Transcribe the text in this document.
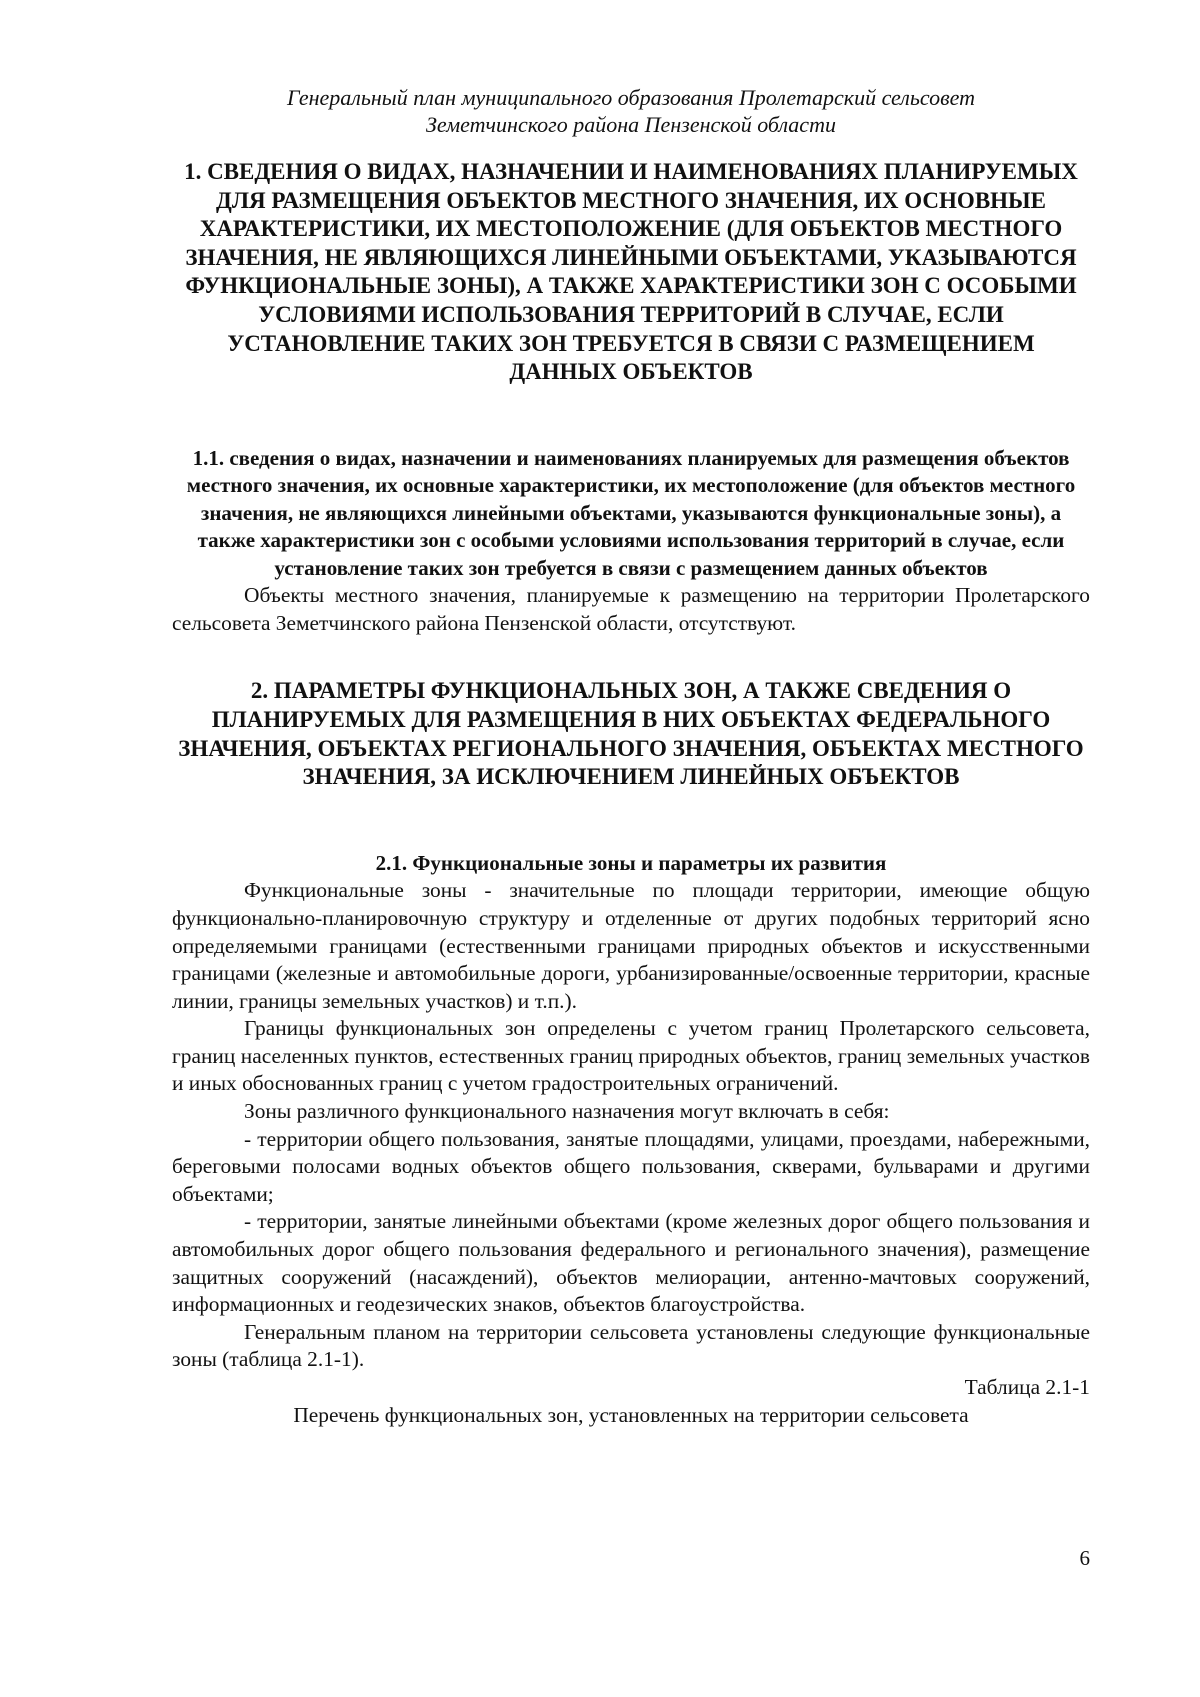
Генеральный план муниципального образования Пролетарский сельсовет
Земетчинского района Пензенской области
1. СВЕДЕНИЯ О ВИДАХ, НАЗНАЧЕНИИ И НАИМЕНОВАНИЯХ ПЛАНИРУЕМЫХ ДЛЯ РАЗМЕЩЕНИЯ ОБЪЕКТОВ МЕСТНОГО ЗНАЧЕНИЯ, ИХ ОСНОВНЫЕ ХАРАКТЕРИСТИКИ, ИХ МЕСТОПОЛОЖЕНИЕ (ДЛЯ ОБЪЕКТОВ МЕСТНОГО ЗНАЧЕНИЯ, НЕ ЯВЛЯЮЩИХСЯ ЛИНЕЙНЫМИ ОБЪЕКТАМИ, УКАЗЫВАЮТСЯ ФУНКЦИОНАЛЬНЫЕ ЗОНЫ), А ТАКЖЕ ХАРАКТЕРИСТИКИ ЗОН С ОСОБЫМИ УСЛОВИЯМИ ИСПОЛЬЗОВАНИЯ ТЕРРИТОРИЙ В СЛУЧАЕ, ЕСЛИ УСТАНОВЛЕНИЕ ТАКИХ ЗОН ТРЕБУЕТСЯ В СВЯЗИ С РАЗМЕЩЕНИЕМ ДАННЫХ ОБЪЕКТОВ
1.1. сведения о видах, назначении и наименованиях планируемых для размещения объектов местного значения, их основные характеристики, их местоположение (для объектов местного значения, не являющихся линейными объектами, указываются функциональные зоны), а также характеристики зон с особыми условиями использования территорий в случае, если установление таких зон требуется в связи с размещением данных объектов

Объекты местного значения, планируемые к размещению на территории Пролетарского сельсовета Земетчинского района Пензенской области, отсутствуют.

2. ПАРАМЕТРЫ ФУНКЦИОНАЛЬНЫХ ЗОН, А ТАКЖЕ СВЕДЕНИЯ О ПЛАНИРУЕМЫХ ДЛЯ РАЗМЕЩЕНИЯ В НИХ ОБЪЕКТАХ ФЕДЕРАЛЬНОГО ЗНАЧЕНИЯ, ОБЪЕКТАХ РЕГИОНАЛЬНОГО ЗНАЧЕНИЯ, ОБЪЕКТАХ МЕСТНОГО ЗНАЧЕНИЯ, ЗА ИСКЛЮЧЕНИЕМ ЛИНЕЙНЫХ ОБЪЕКТОВ
2.1. Функциональные зоны и параметры их развития

Функциональные зоны - значительные по площади территории, имеющие общую функционально-планировочную структуру и отделенные от других подобных территорий ясно определяемыми границами (естественными границами природных объектов и искусственными границами (железные и автомобильные дороги, урбанизированные/освоенные территории, красные линии, границы земельных участков) и т.п.).

Границы функциональных зон определены с учетом границ Пролетарского сельсовета, границ населенных пунктов, естественных границ природных объектов, границ земельных участков и иных обоснованных границ с учетом градостроительных ограничений.

Зоны различного функционального назначения могут включать в себя:

- территории общего пользования, занятые площадями, улицами, проездами, набережными, береговыми полосами водных объектов общего пользования, скверами, бульварами и другими объектами;

- территории, занятые линейными объектами (кроме железных дорог общего пользования и автомобильных дорог общего пользования федерального и регионального значения), размещение защитных сооружений (насаждений), объектов мелиорации, антенно-мачтовых сооружений, информационных и геодезических знаков, объектов благоустройства.

Генеральным планом на территории сельсовета установлены следующие функциональные зоны (таблица 2.1-1).

Таблица 2.1-1

Перечень функциональных зон, установленных на территории сельсовета

6
